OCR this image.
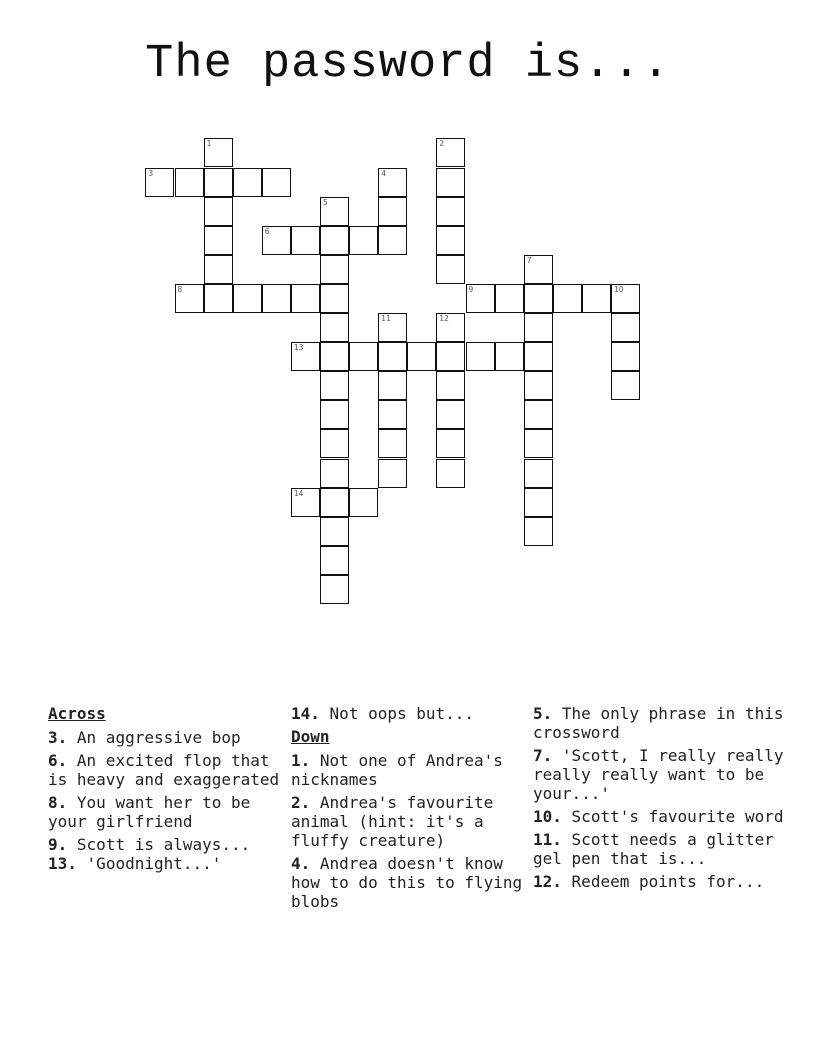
The password is...
1	2
3	4
5
6
7
8	9	10
11	12
13
14
Across
3. An aggressive bop
6. An excited flop that is heavy and exaggerated
8. You want her to be your girlfriend
9. Scott is always...
13. 'Goodnight...'
14. Not oops but...
Down
1. Not one of Andrea's nicknames
2. Andrea's favourite animal (hint: it's a fluffy creature)
4. Andrea doesn't know how to do this to flying blobs
5. The only phrase in this crossword
7. 'Scott, I really really really really want to be your...'
10. Scott's favourite word
11. Scott needs a glitter gel pen that is...
12. Redeem points for...
